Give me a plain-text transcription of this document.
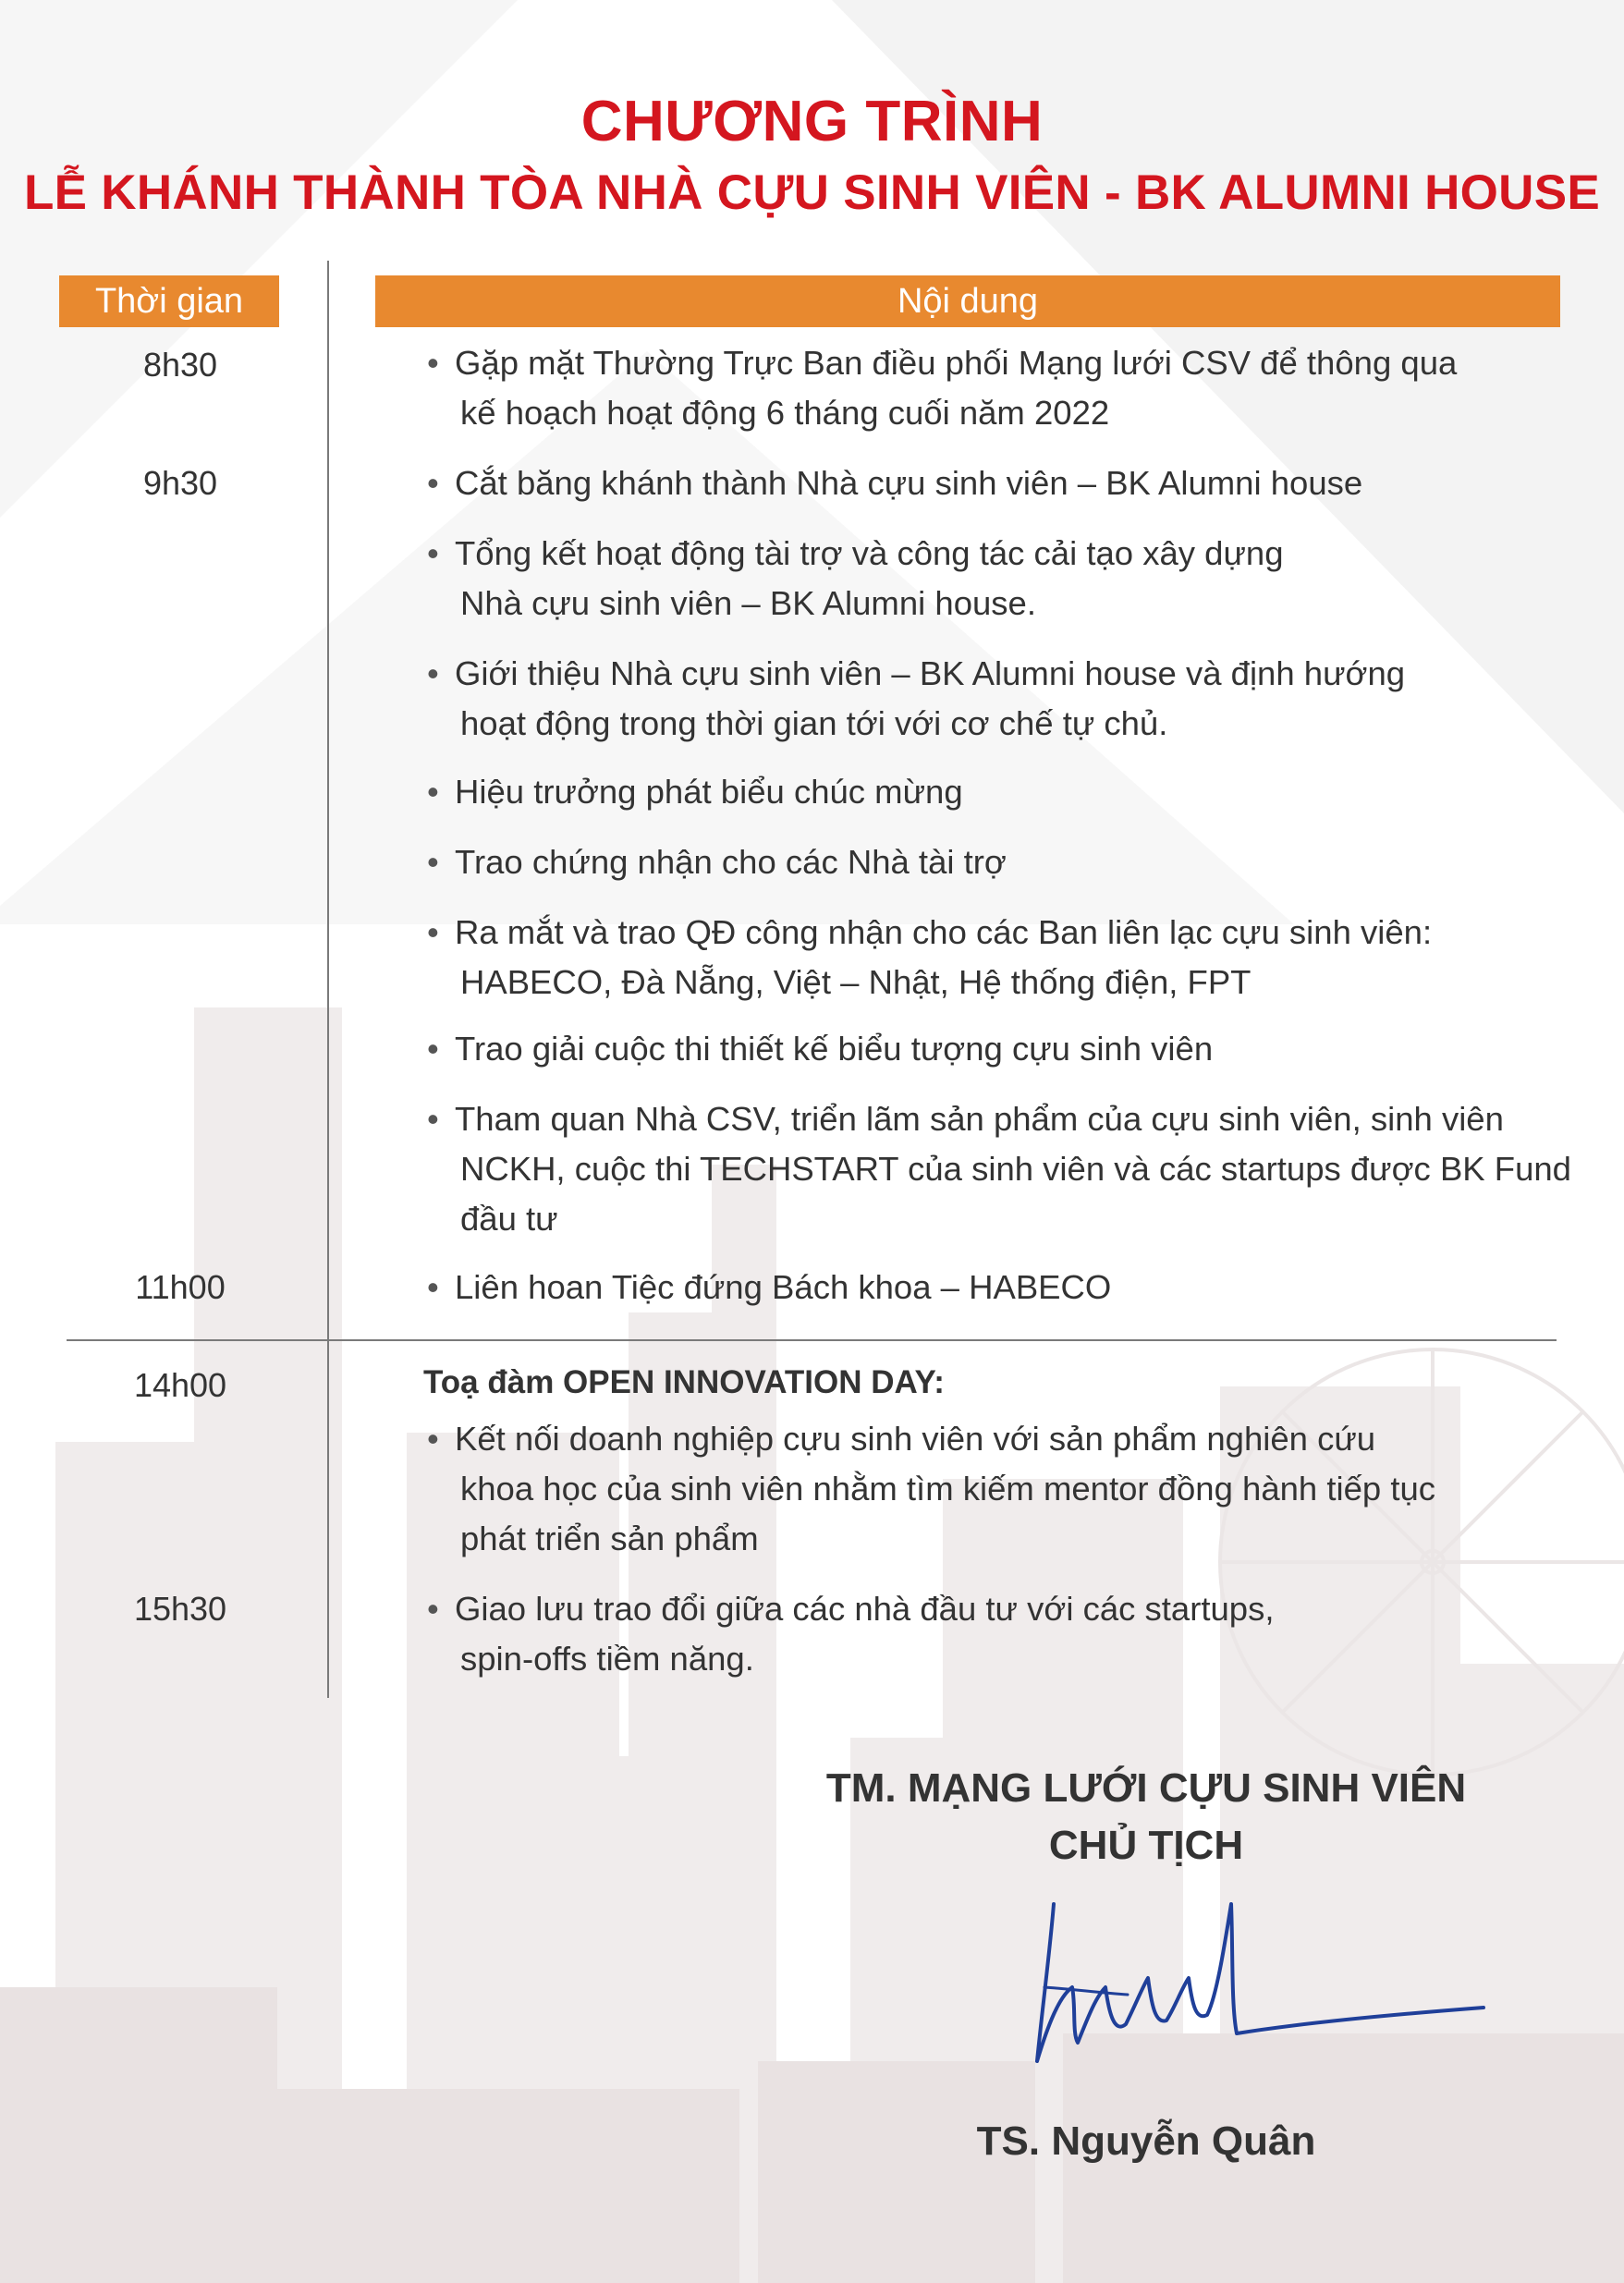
CHƯƠNG TRÌNH
LỄ KHÁNH THÀNH TÒA NHÀ CỰU SINH VIÊN - BK ALUMNI HOUSE
Thời gian	Nội dung
8h30
9h30
11h00
14h00
15h30
• Gặp mặt Thường Trực Ban điều phối Mạng lưới CSV để thông qua
kế hoạch hoạt động 6 tháng cuối năm 2022
• Cắt băng khánh thành Nhà cựu sinh viên – BK Alumni house
• Tổng kết hoạt động tài trợ và công tác cải tạo xây dựng
Nhà cựu sinh viên – BK Alumni house.
• Giới thiệu Nhà cựu sinh viên – BK Alumni house và định hướng
hoạt động trong thời gian tới với cơ chế tự chủ.
• Hiệu trưởng phát biểu chúc mừng
• Trao chứng nhận cho các Nhà tài trợ
• Ra mắt và trao QĐ công nhận cho các Ban liên lạc cựu sinh viên:
HABECO, Đà Nẵng, Việt – Nhật, Hệ thống điện, FPT
• Trao giải cuộc thi thiết kế biểu tượng cựu sinh viên
• Tham quan Nhà CSV, triển lãm sản phẩm của cựu sinh viên, sinh viên
NCKH, cuộc thi TECHSTART của sinh viên và các startups được BK Fund
đầu tư
• Liên hoan Tiệc đứng Bách khoa – HABECO
Toạ đàm OPEN INNOVATION DAY:
• Kết nối doanh nghiệp cựu sinh viên với sản phẩm nghiên cứu
khoa học của sinh viên nhằm tìm kiếm mentor đồng hành tiếp tục
phát triển sản phẩm
• Giao lưu trao đổi giữa các nhà đầu tư với các startups,
spin-offs tiềm năng.
TM. MẠNG LƯỚI CỰU SINH VIÊN
CHỦ TỊCH
TS. Nguyễn Quân
